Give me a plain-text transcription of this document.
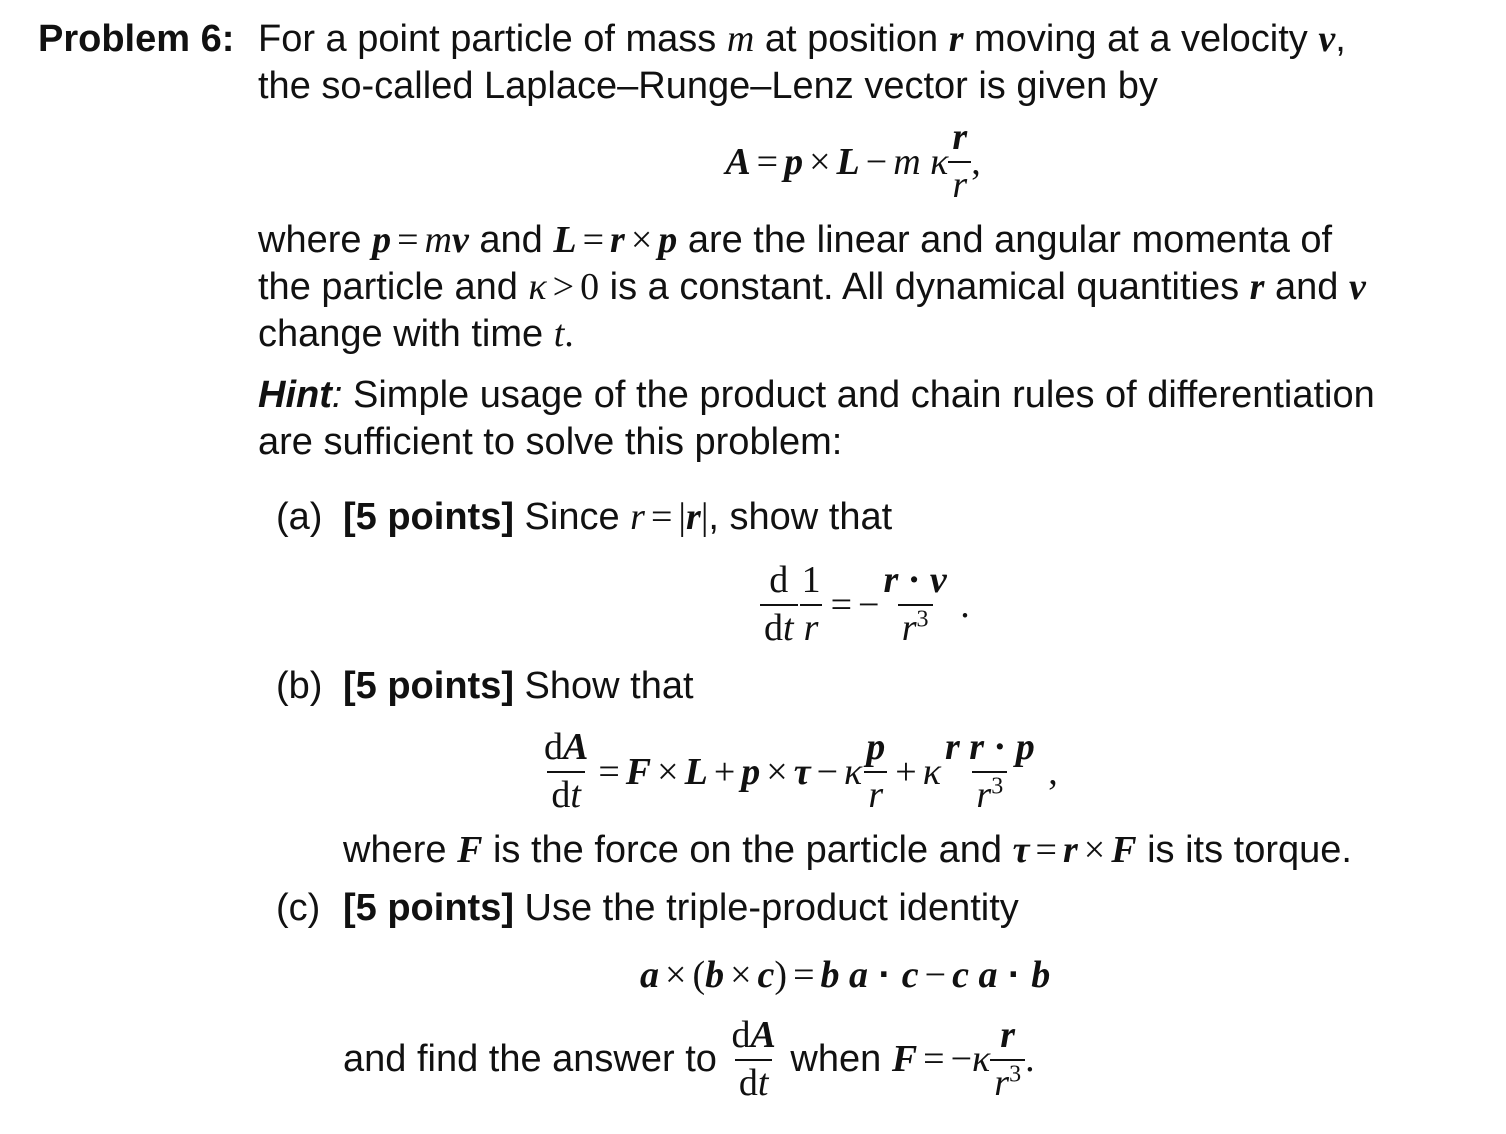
Problem 6: For a point particle of mass m at position r moving at a velocity v,
the so-called Laplace–Runge–Lenz vector is given by
A = p × L − m κ $\frac{r}{r}$ ,
where p = mv and L = r × p are the linear and angular momenta of
the particle and κ > 0 is a constant. All dynamical quantities r and v
change with time t.
Hint: Simple usage of the product and chain rules of differentiation
are sufficient to solve this problem:
(a) [5 points] Since r = |r|, show that
$\frac{d}{dt} \frac{1}{r}$ = − $\frac{r \cdot v}{r^3}$ .
(b) [5 points] Show that
$\frac{dA}{dt} = F \times L + p \times \tau - \kappa \frac{p}{r} + \kappa \frac{\text{r r · p}}{r^3}$ ,
where F is the force on the particle and τ = r × F is its torque.
(c) [5 points] Use the triple-product identity
a × ( b × c ) = b a · c − c a · b
and find the answer to
$\frac{dA}{dt}$
when
F = − κ $\frac{r}{r^3}$ .
